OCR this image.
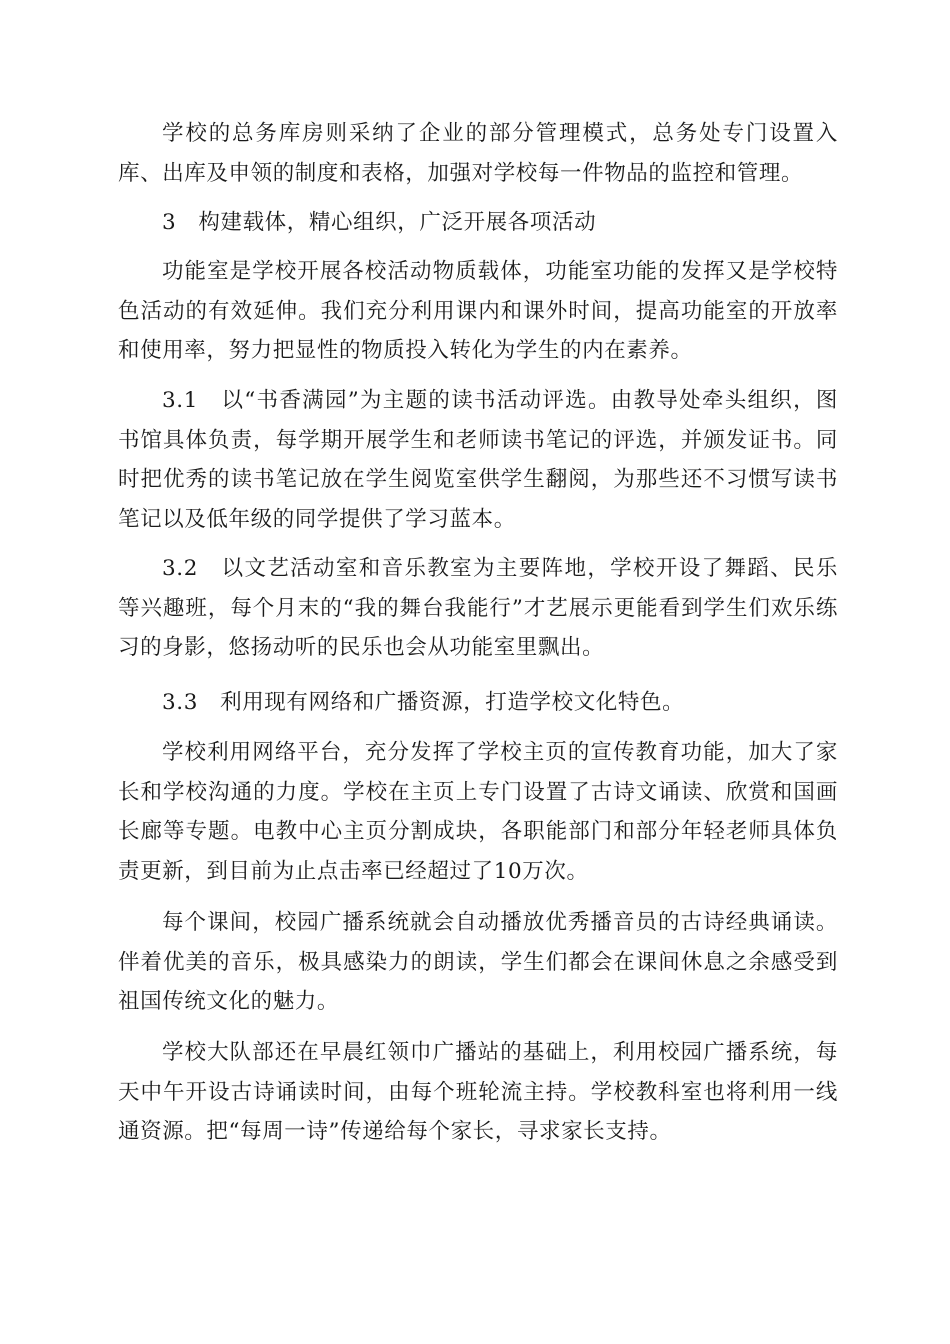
学校的总务库房则采纳了企业的部分管理模式，总务处专门设置入库、出库及申领的制度和表格，加强对学校每一件物品的监控和管理。

3　构建载体，精心组织，广泛开展各项活动

功能室是学校开展各校活动物质载体，功能室功能的发挥又是学校特色活动的有效延伸。我们充分利用课内和课外时间，提高功能室的开放率和使用率，努力把显性的物质投入转化为学生的内在素养。

3.1　以“书香满园”为主题的读书活动评选。由教导处牵头组织，图书馆具体负责，每学期开展学生和老师读书笔记的评选，并颁发证书。同时把优秀的读书笔记放在学生阅览室供学生翻阅，为那些还不习惯写读书笔记以及低年级的同学提供了学习蓝本。

3.2　以文艺活动室和音乐教室为主要阵地，学校开设了舞蹈、民乐等兴趣班，每个月末的“我的舞台我能行”才艺展示更能看到学生们欢乐练习的身影，悠扬动听的民乐也会从功能室里飘出。

3.3　利用现有网络和广播资源，打造学校文化特色。

学校利用网络平台，充分发挥了学校主页的宣传教育功能，加大了家长和学校沟通的力度。学校在主页上专门设置了古诗文诵读、欣赏和国画长廊等专题。电教中心主页分割成块，各职能部门和部分年轻老师具体负责更新，到目前为止点击率已经超过了10万次。

每个课间，校园广播系统就会自动播放优秀播音员的古诗经典诵读。伴着优美的音乐，极具感染力的朗读，学生们都会在课间休息之余感受到祖国传统文化的魅力。

学校大队部还在早晨红领巾广播站的基础上，利用校园广播系统，每天中午开设古诗诵读时间，由每个班轮流主持。学校教科室也将利用一线通资源。把“每周一诗”传递给每个家长，寻求家长支持。
